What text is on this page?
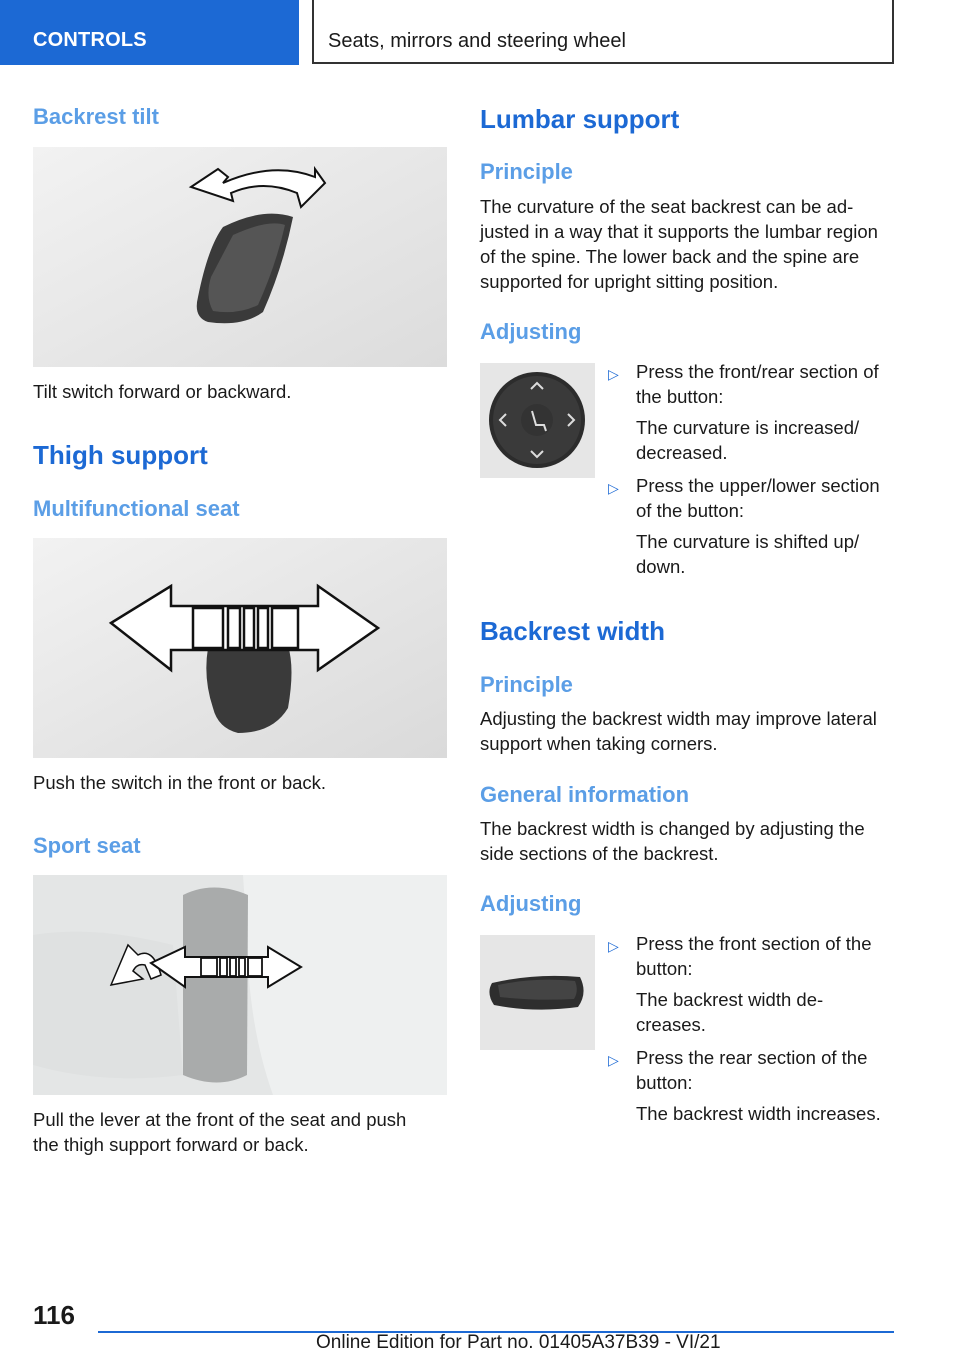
CONTROLS	Seats, mirrors and steering wheel
Backrest tilt

Tilt switch forward or backward.

Thigh support
Multifunctional seat

Push the switch in the front or back.

Sport seat

Pull the lever at the front of the seat and push

the thigh support forward or back.

Lumbar support
Principle

The curvature of the seat backrest can be ad-

justed in a way that it supports the lumbar region

of the spine. The lower back and the spine are

supported for upright sitting position.

Adjusting
▷ Press the front/rear section of

the button:

The curvature is increased/

decreased.

▷ Press the upper/lower section

of the button:

The curvature is shifted up/

down.

Backrest width
Principle

Adjusting the backrest width may improve lateral

support when taking corners.

General information

The backrest width is changed by adjusting the

side sections of the backrest.

Adjusting
▷ Press the front section of the

button:

The backrest width de-

creases.

▷ Press the rear section of the

button:

The backrest width increases.

116
Online Edition for Part no. 01405A37B39 - VI/21
